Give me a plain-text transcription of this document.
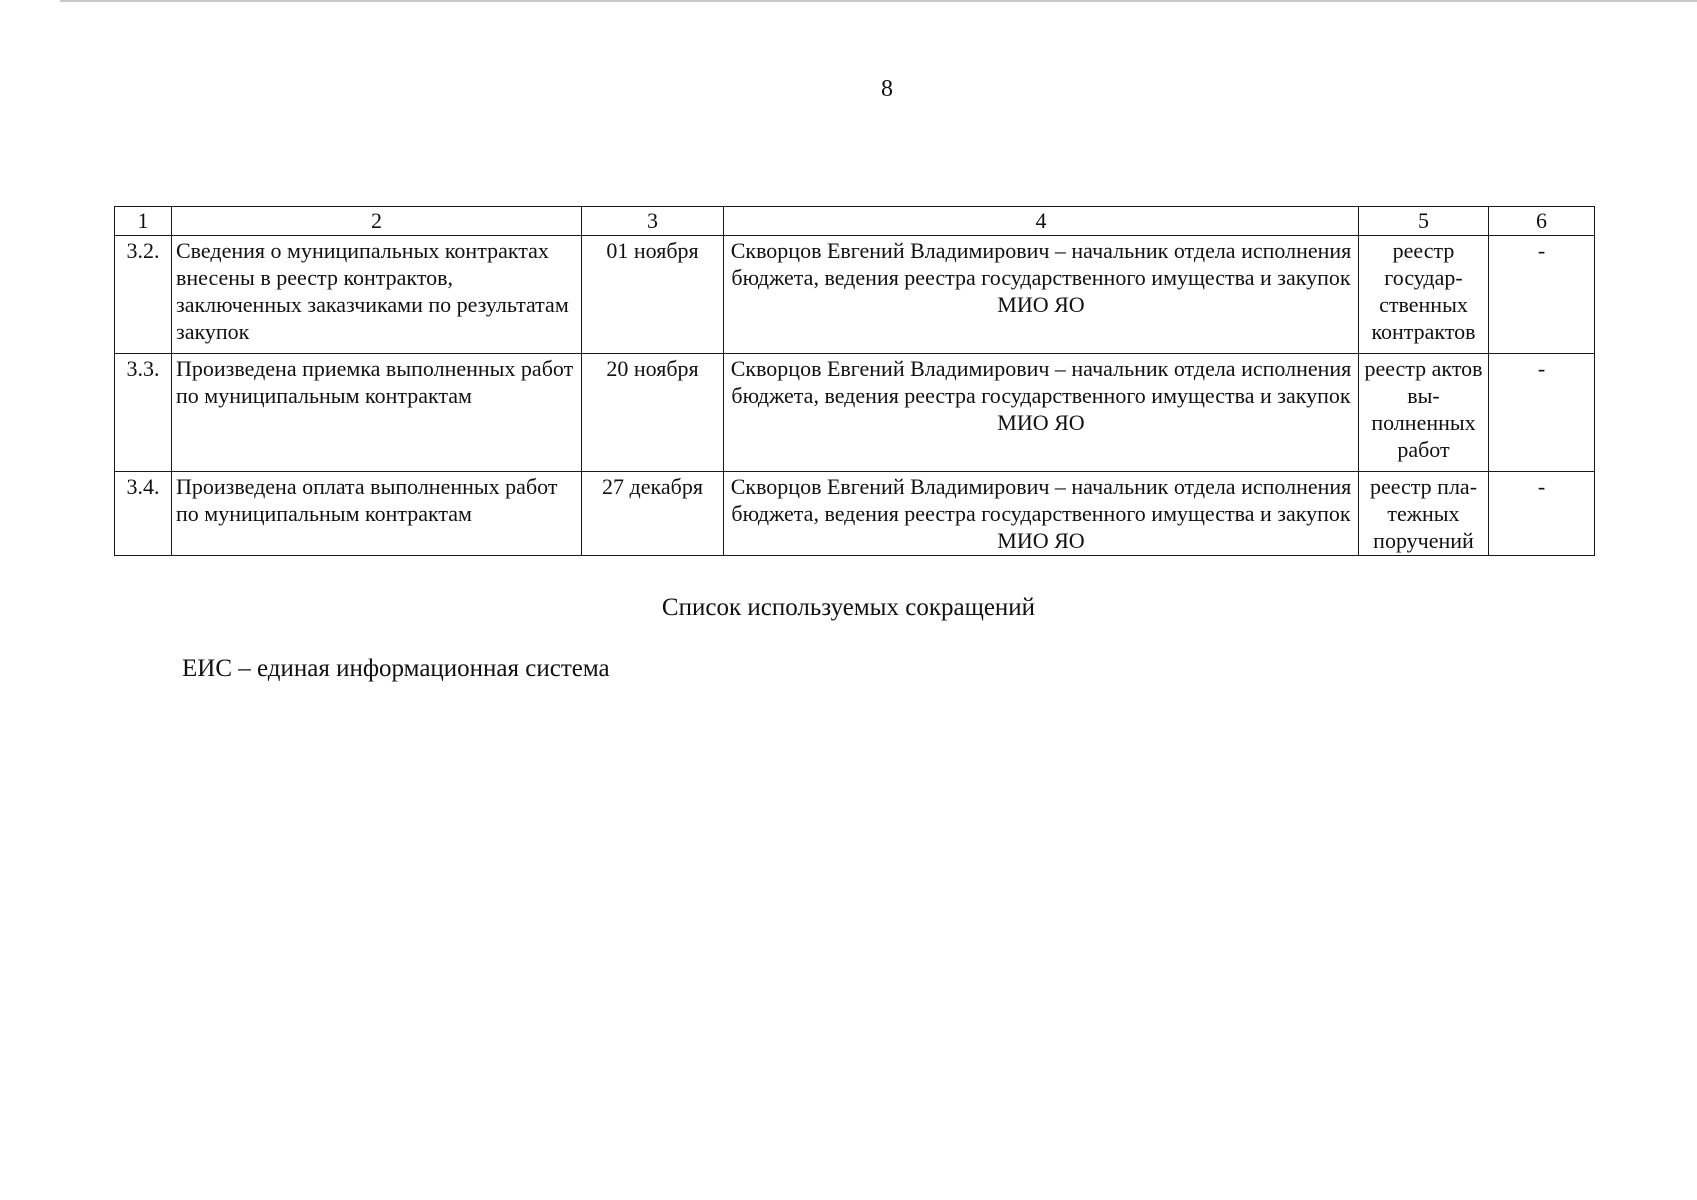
8
1	2	3	4	5	6
3.2.	Сведения о муниципальных контрактах внесены в реестр контрактов, заключенных заказчиками по результатам закупок	01 ноября	Скворцов Евгений Владимирович – начальник отдела исполнения бюджета, ведения реестра государственного имущества и закупок МИО ЯО	реестр государ-ственных контрактов	-
3.3.	Произведена приемка выполненных работ по муниципальным контрактам	20 ноября	Скворцов Евгений Владимирович – начальник отдела исполнения бюджета, ведения реестра государственного имущества и закупок МИО ЯО	реестр актов вы-полненных работ	-
3.4.	Произведена оплата выполненных работ по муниципальным контрактам	27 декабря	Скворцов Евгений Владимирович – начальник отдела исполнения бюджета, ведения реестра государственного имущества и закупок МИО ЯО	реестр пла-тежных поручений	-
Список используемых сокращений
ЕИС – единая информационная система
